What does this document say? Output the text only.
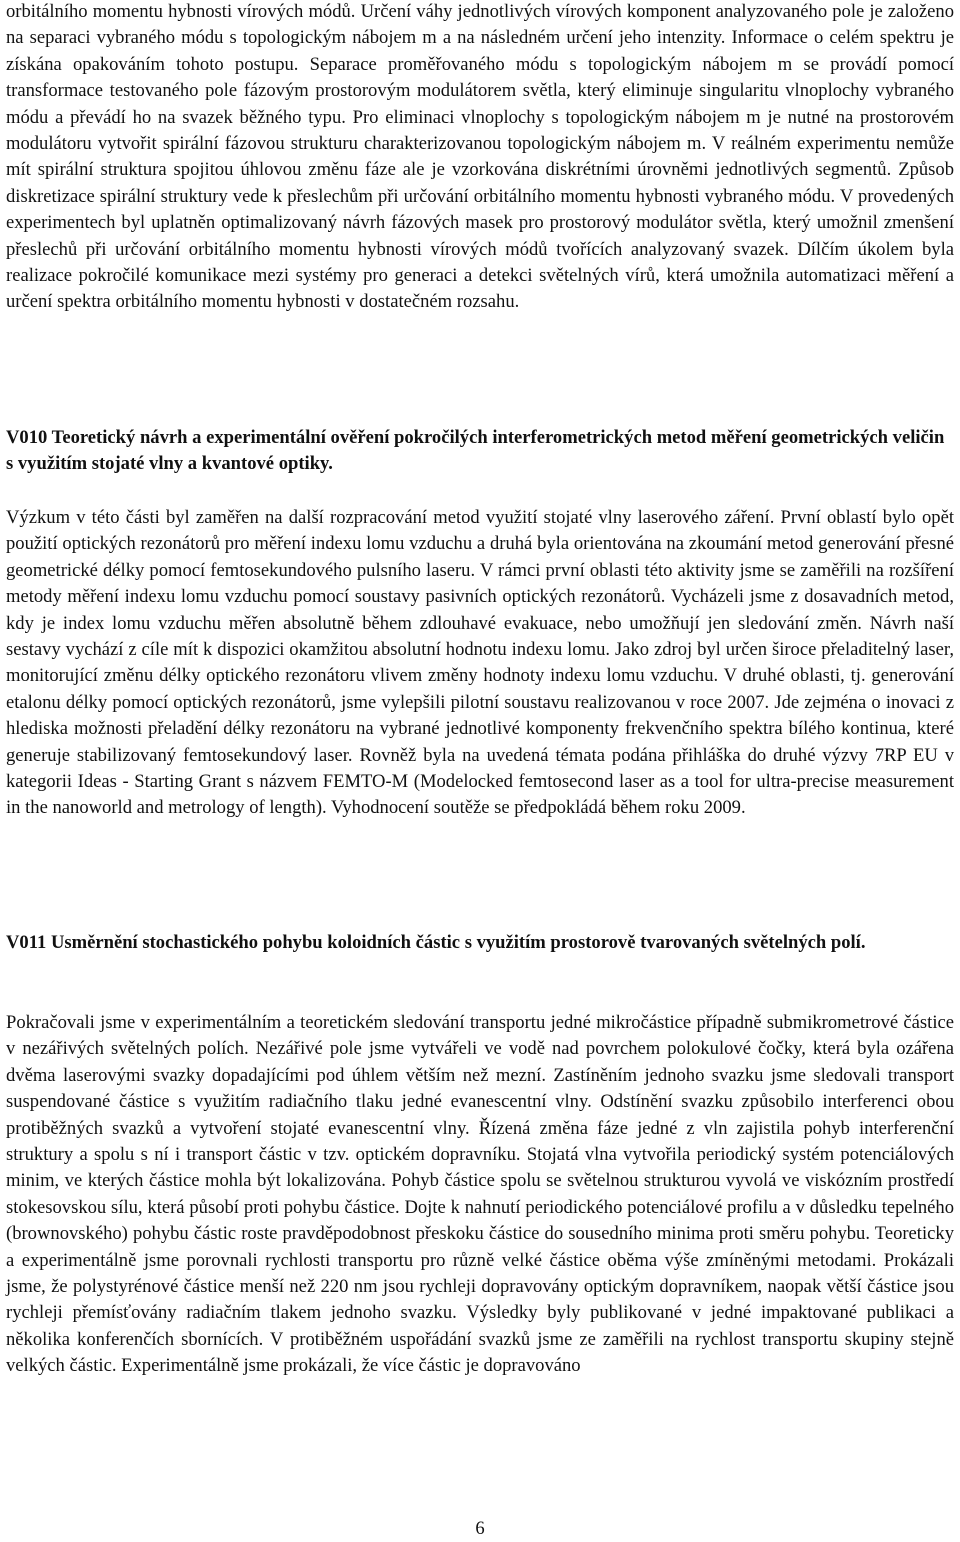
orbitálního momentu hybnosti vírových módů. Určení váhy jednotlivých vírových komponent analyzovaného pole je založeno na separaci vybraného módu s topologickým nábojem m a na následném určení jeho intenzity. Informace o celém spektru je získána opakováním tohoto postupu. Separace proměřovaného módu s topologickým nábojem m se provádí pomocí transformace testovaného pole fázovým prostorovým modulátorem světla, který eliminuje singularitu vlnoplochy vybraného módu a převádí ho na svazek běžného typu. Pro eliminaci vlnoplochy s topologickým nábojem m je nutné na prostorovém modulátoru vytvořit spirální fázovou strukturu charakterizovanou topologickým nábojem m. V reálném experimentu nemůže mít spirální struktura spojitou úhlovou změnu fáze ale je vzorkována diskrétními úrovněmi jednotlivých segmentů. Způsob diskretizace spirální struktury vede k přeslechům při určování orbitálního momentu hybnosti vybraného módu. V provedených experimentech byl uplatněn optimalizovaný návrh fázových masek pro prostorový modulátor světla, který umožnil zmenšení přeslechů při určování orbitálního momentu hybnosti vírových módů tvořících analyzovaný svazek. Dílčím úkolem byla realizace pokročilé komunikace mezi systémy pro generaci a detekci světelných vírů, která umožnila automatizaci měření a určení spektra orbitálního momentu hybnosti v dostatečném rozsahu.

V010 Teoretický návrh a experimentální ověření pokročilých interferometrických metod měření geometrických veličin s využitím stojaté vlny a kvantové optiky.

Výzkum v této části byl zaměřen na další rozpracování metod využití stojaté vlny laserového záření. První oblastí bylo opět použití optických rezonátorů pro měření indexu lomu vzduchu a druhá byla orientována na zkoumání metod generování přesné geometrické délky pomocí femtosekundového pulsního laseru. V rámci první oblasti této aktivity jsme se zaměřili na rozšíření metody měření indexu lomu vzduchu pomocí soustavy pasivních optických rezonátorů. Vycházeli jsme z dosavadních metod, kdy je index lomu vzduchu měřen absolutně během zdlouhavé evakuace, nebo umožňují jen sledování změn. Návrh naší sestavy vychází z cíle mít k dispozici okamžitou absolutní hodnotu indexu lomu. Jako zdroj byl určen široce přeladitelný laser, monitorující změnu délky optického rezonátoru vlivem změny hodnoty indexu lomu vzduchu. V druhé oblasti, tj. generování etalonu délky pomocí optických rezonátorů, jsme vylepšili pilotní soustavu realizovanou v roce 2007. Jde zejména o inovaci z hlediska možnosti přeladění délky rezonátoru na vybrané jednotlivé komponenty frekvenčního spektra bílého kontinua, které generuje stabilizovaný femtosekundový laser. Rovněž byla na uvedená témata podána přihláška do druhé výzvy 7RP EU v kategorii Ideas - Starting Grant s názvem FEMTO-M (Modelocked femtosecond laser as a tool for ultra-precise measurement in the nanoworld and metrology of length). Vyhodnocení soutěže se předpokládá během roku 2009.

V011 Usměrnění stochastického pohybu koloidních částic s využitím prostorově tvarovaných světelných polí.

Pokračovali jsme v experimentálním a teoretickém sledování transportu jedné mikročástice případně submikrometrové částice v nezářivých světelných polích. Nezářivé pole jsme vytvářeli ve vodě nad povrchem polokulové čočky, která byla ozářena dvěma laserovými svazky dopadajícími pod úhlem větším než mezní. Zastíněním jednoho svazku jsme sledovali transport suspendované částice s využitím radiačního tlaku jedné evanescentní vlny. Odstínění svazku způsobilo interferenci obou protiběžných svazků a vytvoření stojaté evanescentní vlny. Řízená změna fáze jedné z vln zajistila pohyb interferenční struktury a spolu s ní i transport částic v tzv. optickém dopravníku. Stojatá vlna vytvořila periodický systém potenciálových minim, ve kterých částice mohla být lokalizována. Pohyb částice spolu se světelnou strukturou vyvolá ve viskózním prostředí stokesovskou sílu, která působí proti pohybu částice. Dojte k nahnutí periodického potenciálové profilu a v důsledku tepelného (brownovského) pohybu částic roste pravděpodobnost přeskoku částice do sousedního minima proti směru pohybu. Teoreticky a experimentálně jsme porovnali rychlosti transportu pro různě velké částice oběma výše zmíněnými metodami. Prokázali jsme, že polystyrénové částice menší než 220 nm jsou rychleji dopravovány optickým dopravníkem, naopak větší částice jsou rychleji přemísťovány radiačním tlakem jednoho svazku. Výsledky byly publikované v jedné impaktované publikaci a několika konferenčích sbornících. V protiběžném uspořádání svazků jsme ze zaměřili na rychlost transportu skupiny stejně velkých částic. Experimentálně jsme prokázali, že více částic je dopravováno

6
